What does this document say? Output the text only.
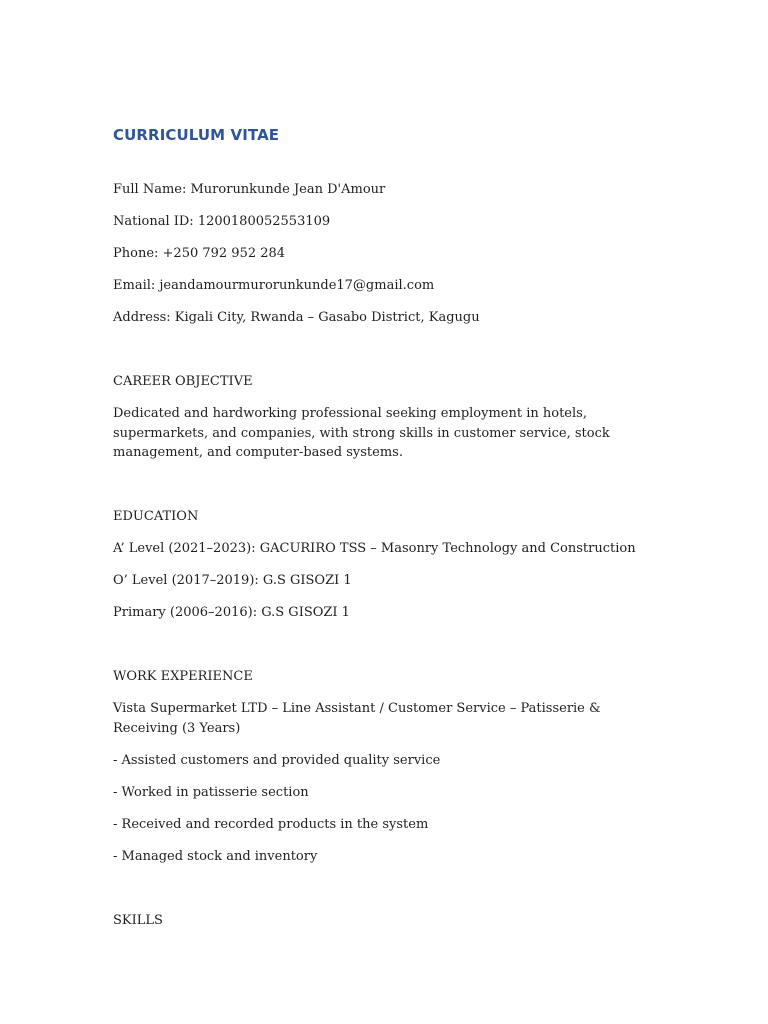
CURRICULUM VITAE
Full Name: Murorunkunde Jean D'Amour
National ID: 1200180052553109
Phone: +250 792 952 284
Email: jeandamourmurorunkunde17@gmail.com
Address: Kigali City, Rwanda – Gasabo District, Kagugu
CAREER OBJECTIVE
Dedicated and hardworking professional seeking employment in hotels, supermarkets, and companies, with strong skills in customer service, stock management, and computer-based systems.
EDUCATION
A’ Level (2021–2023): GACURIRO TSS – Masonry Technology and Construction
O’ Level (2017–2019): G.S GISOZI 1
Primary (2006–2016): G.S GISOZI 1
WORK EXPERIENCE
Vista Supermarket LTD – Line Assistant / Customer Service – Patisserie & Receiving (3 Years)
- Assisted customers and provided quality service
- Worked in patisserie section
- Received and recorded products in the system
- Managed stock and inventory
SKILLS
